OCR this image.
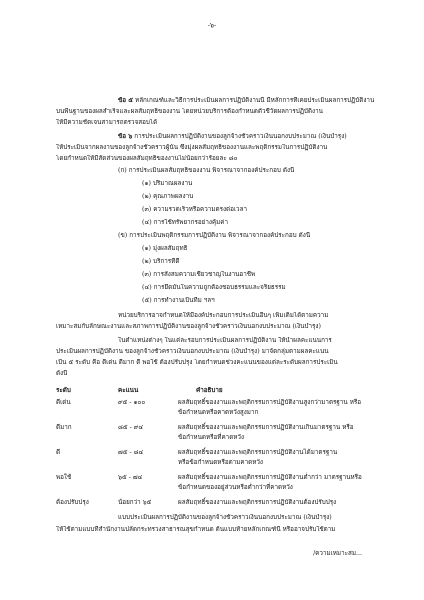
-๖-
ข้อ ๕ หลักเกณฑ์และวิธีการประเมินผลการปฏิบัติงานนี้ มีหลักการที่เคยประเมินผลการปฏิบัติงาน
บนพื้นฐานของผลสำเร็จและผลสัมฤทธิ์ของงาน โดยหน่วยบริการต้องกำหนดตัวชี้วัดผลการปฏิบัติงาน
ให้มีความชัดเจนสามารถตรวจสอบได้
ข้อ ๖ การประเมินผลการปฏิบัติงานของลูกจ้างชั่วคราวเงินนอกงบประมาณ (เงินบำรุง)
ให้ประเมินจากผลงานของลูกจ้างชั่วคราวผู้นั้น ซึ่งมุ่งผลสัมฤทธิ์ของงานและพฤติกรรมในการปฏิบัติงาน
โดยกำหนดให้มีสัดส่วนของผลสัมฤทธิ์ของงานไม่น้อยกว่าร้อยละ ๘๐
(ก) การประเมินผลสัมฤทธิ์ของงาน พิจารณาจากองค์ประกอบ ดังนี้
(๑) ปริมาณผลงาน
(๒) คุณภาพผลงาน
(๓) ความรวดเร็วหรือความตรงต่อเวลา
(๔) การใช้ทรัพยากรอย่างคุ้มค่า
(ข) การประเมินพฤติกรรมการปฏิบัติงาน พิจารณาจากองค์ประกอบ ดังนี้
(๑) มุ่งผลสัมฤทธิ์
(๒) บริการที่ดี
(๓) การสั่งสมความเชี่ยวชาญในงานอาชีพ
(๔) การยึดมั่นในความถูกต้องชอบธรรมและจริยธรรม
(๕) การทำงานเป็นทีม ฯลฯ
หน่วยบริการอาจกำหนดให้มีองค์ประกอบการประเมินอื่นๆ เพิ่มเติมได้ตามความ
เหมาะสมกับลักษณะงานและสภาพการปฏิบัติงานของลูกจ้างชั่วคราวเงินนอกงบประมาณ (เงินบำรุง)
ในตำแหน่งต่างๆ ในแต่ละรอบการประเมินผลการปฏิบัติงาน ให้นำผลคะแนนการ
ประเมินผลการปฏิบัติงาน ของลูกจ้างชั่วคราวเงินนอกงบประมาณ (เงินบำรุง) มาจัดกลุ่มตามผลคะแนน
เป็น ๕ ระดับ คือ ดีเด่น ดีมาก ดี พอใช้ ต้องปรับปรุง โดยกำหนดช่วงคะแนนของแต่ละระดับผลการประเมิน
ดังนี้
ระดับ	คะแนน	คำอธิบาย
ดีเด่น	๙๕ - ๑๐๐	ผลสัมฤทธิ์ของงานและพฤติกรรมการปฏิบัติงานสูงกว่ามาตรฐาน หรือ
ข้อกำหนดหรือคาดหวังสูงมาก
ดีมาก	๘๕ - ๙๔	ผลสัมฤทธิ์ของงานและพฤติกรรมการปฏิบัติงานเกินมาตรฐาน หรือ
ข้อกำหนดหรือที่คาดหวัง
ดี	๗๕ - ๘๔	ผลสัมฤทธิ์ของงานและพฤติกรรมการปฏิบัติงานได้มาตรฐาน
หรือข้อกำหนดหรือตามคาดหวัง
พอใช้	๖๕ - ๗๔	ผลสัมฤทธิ์ของงานและพฤติกรรมการปฏิบัติงานต่ำกว่า มาตรฐานหรือ
ข้อกำหนดของอยู่ส่วนหรือต่ำกว่าที่คาดหวัง
ต้องปรับปรุง	น้อยกว่า ๖๕	ผลสัมฤทธิ์ของงานและพฤติกรรมการปฏิบัติงานต้องปรับปรุง
แบบประเมินผลการปฏิบัติงานของลูกจ้างชั่วคราวเงินนอกงบประมาณ (เงินบำรุง)
ให้ใช้ตามแบบที่สำนักงานปลัดกระทรวงสาธารณสุขกำหนด ต้นแบบท้ายหลักเกณฑ์นี้ หรืออาจปรับใช้ตาม
/ความเหมาะสม...
